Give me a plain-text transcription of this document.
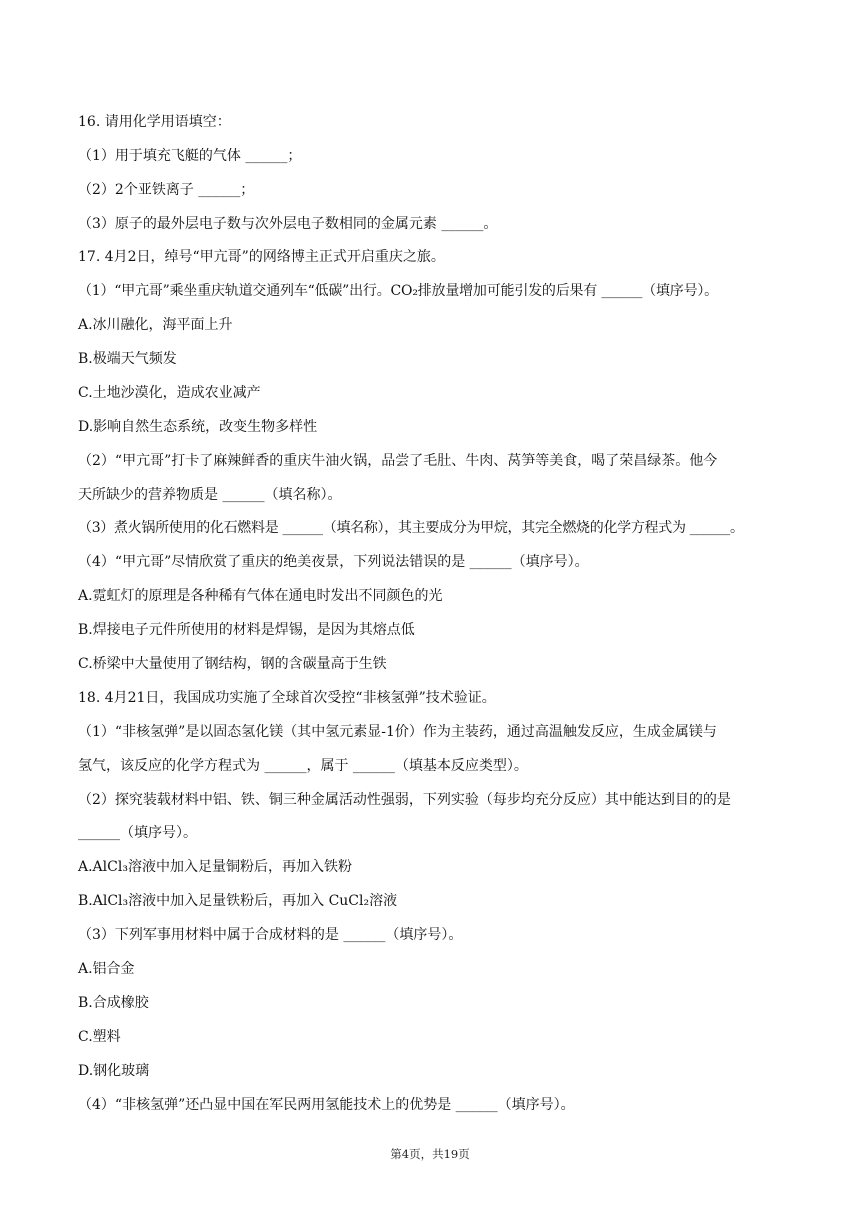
16. 请用化学用语填空：
（1）用于填充飞艇的气体 ______；
（2）2个亚铁离子 ______；
（3）原子的最外层电子数与次外层电子数相同的金属元素 ______。
17. 4月2日，绰号“甲亢哥”的网络博主正式开启重庆之旅。
（1）“甲亢哥”乘坐重庆轨道交通列车“低碳”出行。CO₂排放量增加可能引发的后果有 ______（填序号）。
A.冰川融化，海平面上升
B.极端天气频发
C.土地沙漠化，造成农业减产
D.影响自然生态系统，改变生物多样性
（2）“甲亢哥”打卡了麻辣鲜香的重庆牛油火锅，品尝了毛肚、牛肉、莴笋等美食，喝了荣昌绿茶。他今
天所缺少的营养物质是 ______（填名称）。
（3）煮火锅所使用的化石燃料是 ______（填名称），其主要成分为甲烷，其完全燃烧的化学方程式为 ______。
（4）“甲亢哥”尽情欣赏了重庆的绝美夜景，下列说法错误的是 ______（填序号）。
A.霓虹灯的原理是各种稀有气体在通电时发出不同颜色的光
B.焊接电子元件所使用的材料是焊锡，是因为其熔点低
C.桥梁中大量使用了钢结构，钢的含碳量高于生铁
18. 4月21日，我国成功实施了全球首次受控“非核氢弹”技术验证。
（1）“非核氢弹”是以固态氢化镁（其中氢元素显-1价）作为主装药，通过高温触发反应，生成金属镁与
氢气，该反应的化学方程式为 ______，属于 ______（填基本反应类型）。
（2）探究装载材料中铝、铁、铜三种金属活动性强弱，下列实验（每步均充分反应）其中能达到目的的是
______（填序号）。
A.AlCl₃溶液中加入足量铜粉后，再加入铁粉
B.AlCl₃溶液中加入足量铁粉后，再加入 CuCl₂溶液
（3）下列军事用材料中属于合成材料的是 ______（填序号）。
A.铝合金
B.合成橡胶
C.塑料
D.钢化玻璃
（4）“非核氢弹”还凸显中国在军民两用氢能技术上的优势是 ______（填序号）。
第4页，共19页
